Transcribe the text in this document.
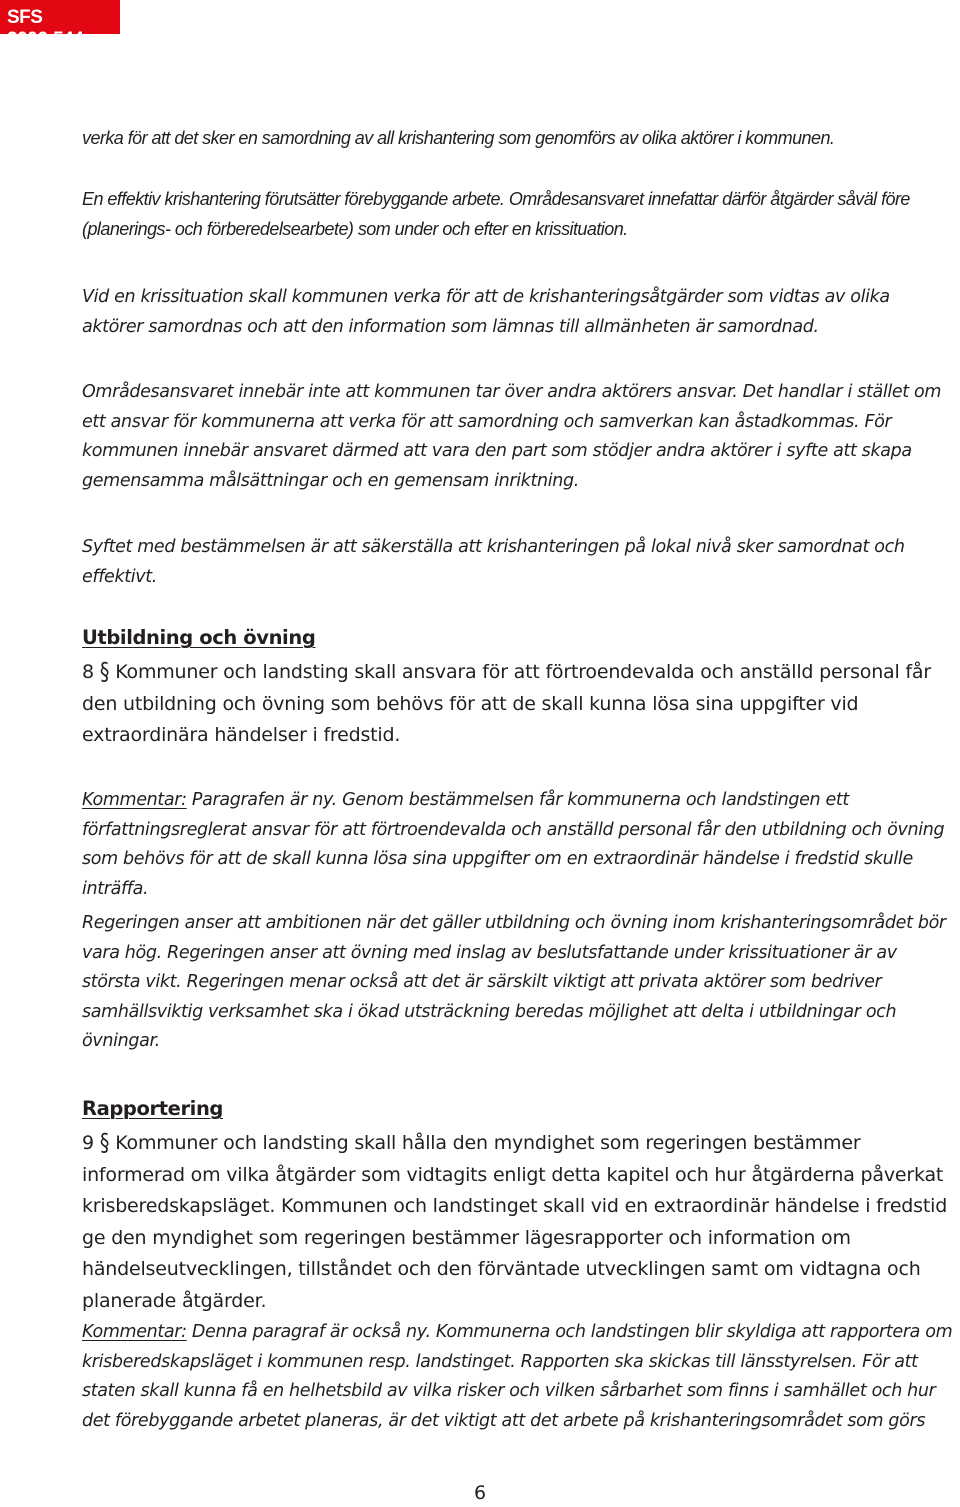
SFS 2006:544

verka för att det sker en samordning av all krishantering som genomförs av olika aktörer i kommunen.

En effektiv krishantering förutsätter förebyggande arbete. Områdesansvaret innefattar därför åtgärder såväl före (planerings- och förberedelsearbete) som under och efter en krissituation.

Vid en krissituation skall kommunen verka för att de krishanteringsåtgärder som vidtas av olika aktörer samordnas och att den information som lämnas till allmänheten är samordnad.

Områdesansvaret innebär inte att kommunen tar över andra aktörers ansvar. Det handlar i stället om ett ansvar för kommunerna att verka för att samordning och samverkan kan åstadkommas. För kommunen innebär ansvaret därmed att vara den part som stödjer andra aktörer i syfte att skapa gemensamma målsättningar och en gemensam inriktning.

Syftet med bestämmelsen är att säkerställa att krishanteringen på lokal nivå sker samordnat och effektivt.

Utbildning och övning

8 § Kommuner och landsting skall ansvara för att förtroendevalda och anställd personal får den utbildning och övning som behövs för att de skall kunna lösa sina uppgifter vid extraordinära händelser i fredstid.

Kommentar: Paragrafen är ny. Genom bestämmelsen får kommunerna och landstingen ett författningsreglerat ansvar för att förtroendevalda och anställd personal får den utbildning och övning som behövs för att de skall kunna lösa sina uppgifter om en extraordinär händelse i fredstid skulle inträffa.

Regeringen anser att ambitionen när det gäller utbildning och övning inom krishanteringsområdet bör vara hög. Regeringen anser att övning med inslag av beslutsfattande under krissituationer är av största vikt. Regeringen menar också att det är särskilt viktigt att privata aktörer som bedriver samhällsviktig verksamhet ska i ökad utsträckning beredas möjlighet att delta i utbildningar och övningar.

Rapportering

9 § Kommuner och landsting skall hålla den myndighet som regeringen bestämmer informerad om vilka åtgärder som vidtagits enligt detta kapitel och hur åtgärderna påverkat krisberedskapsläget. Kommunen och landstinget skall vid en extraordinär händelse i fredstid ge den myndighet som regeringen bestämmer lägesrapporter och information om händelseutvecklingen, tillståndet och den förväntade utvecklingen samt om vidtagna och planerade åtgärder.

Kommentar: Denna paragraf är också ny. Kommunerna och landstingen blir skyldiga att rapportera om krisberedskapsläget i kommunen resp. landstinget. Rapporten ska skickas till länsstyrelsen. För att staten skall kunna få en helhetsbild av vilka risker och vilken sårbarhet som finns i samhället och hur det förebyggande arbetet planeras, är det viktigt att det arbete på krishanteringsområdet som görs

6
